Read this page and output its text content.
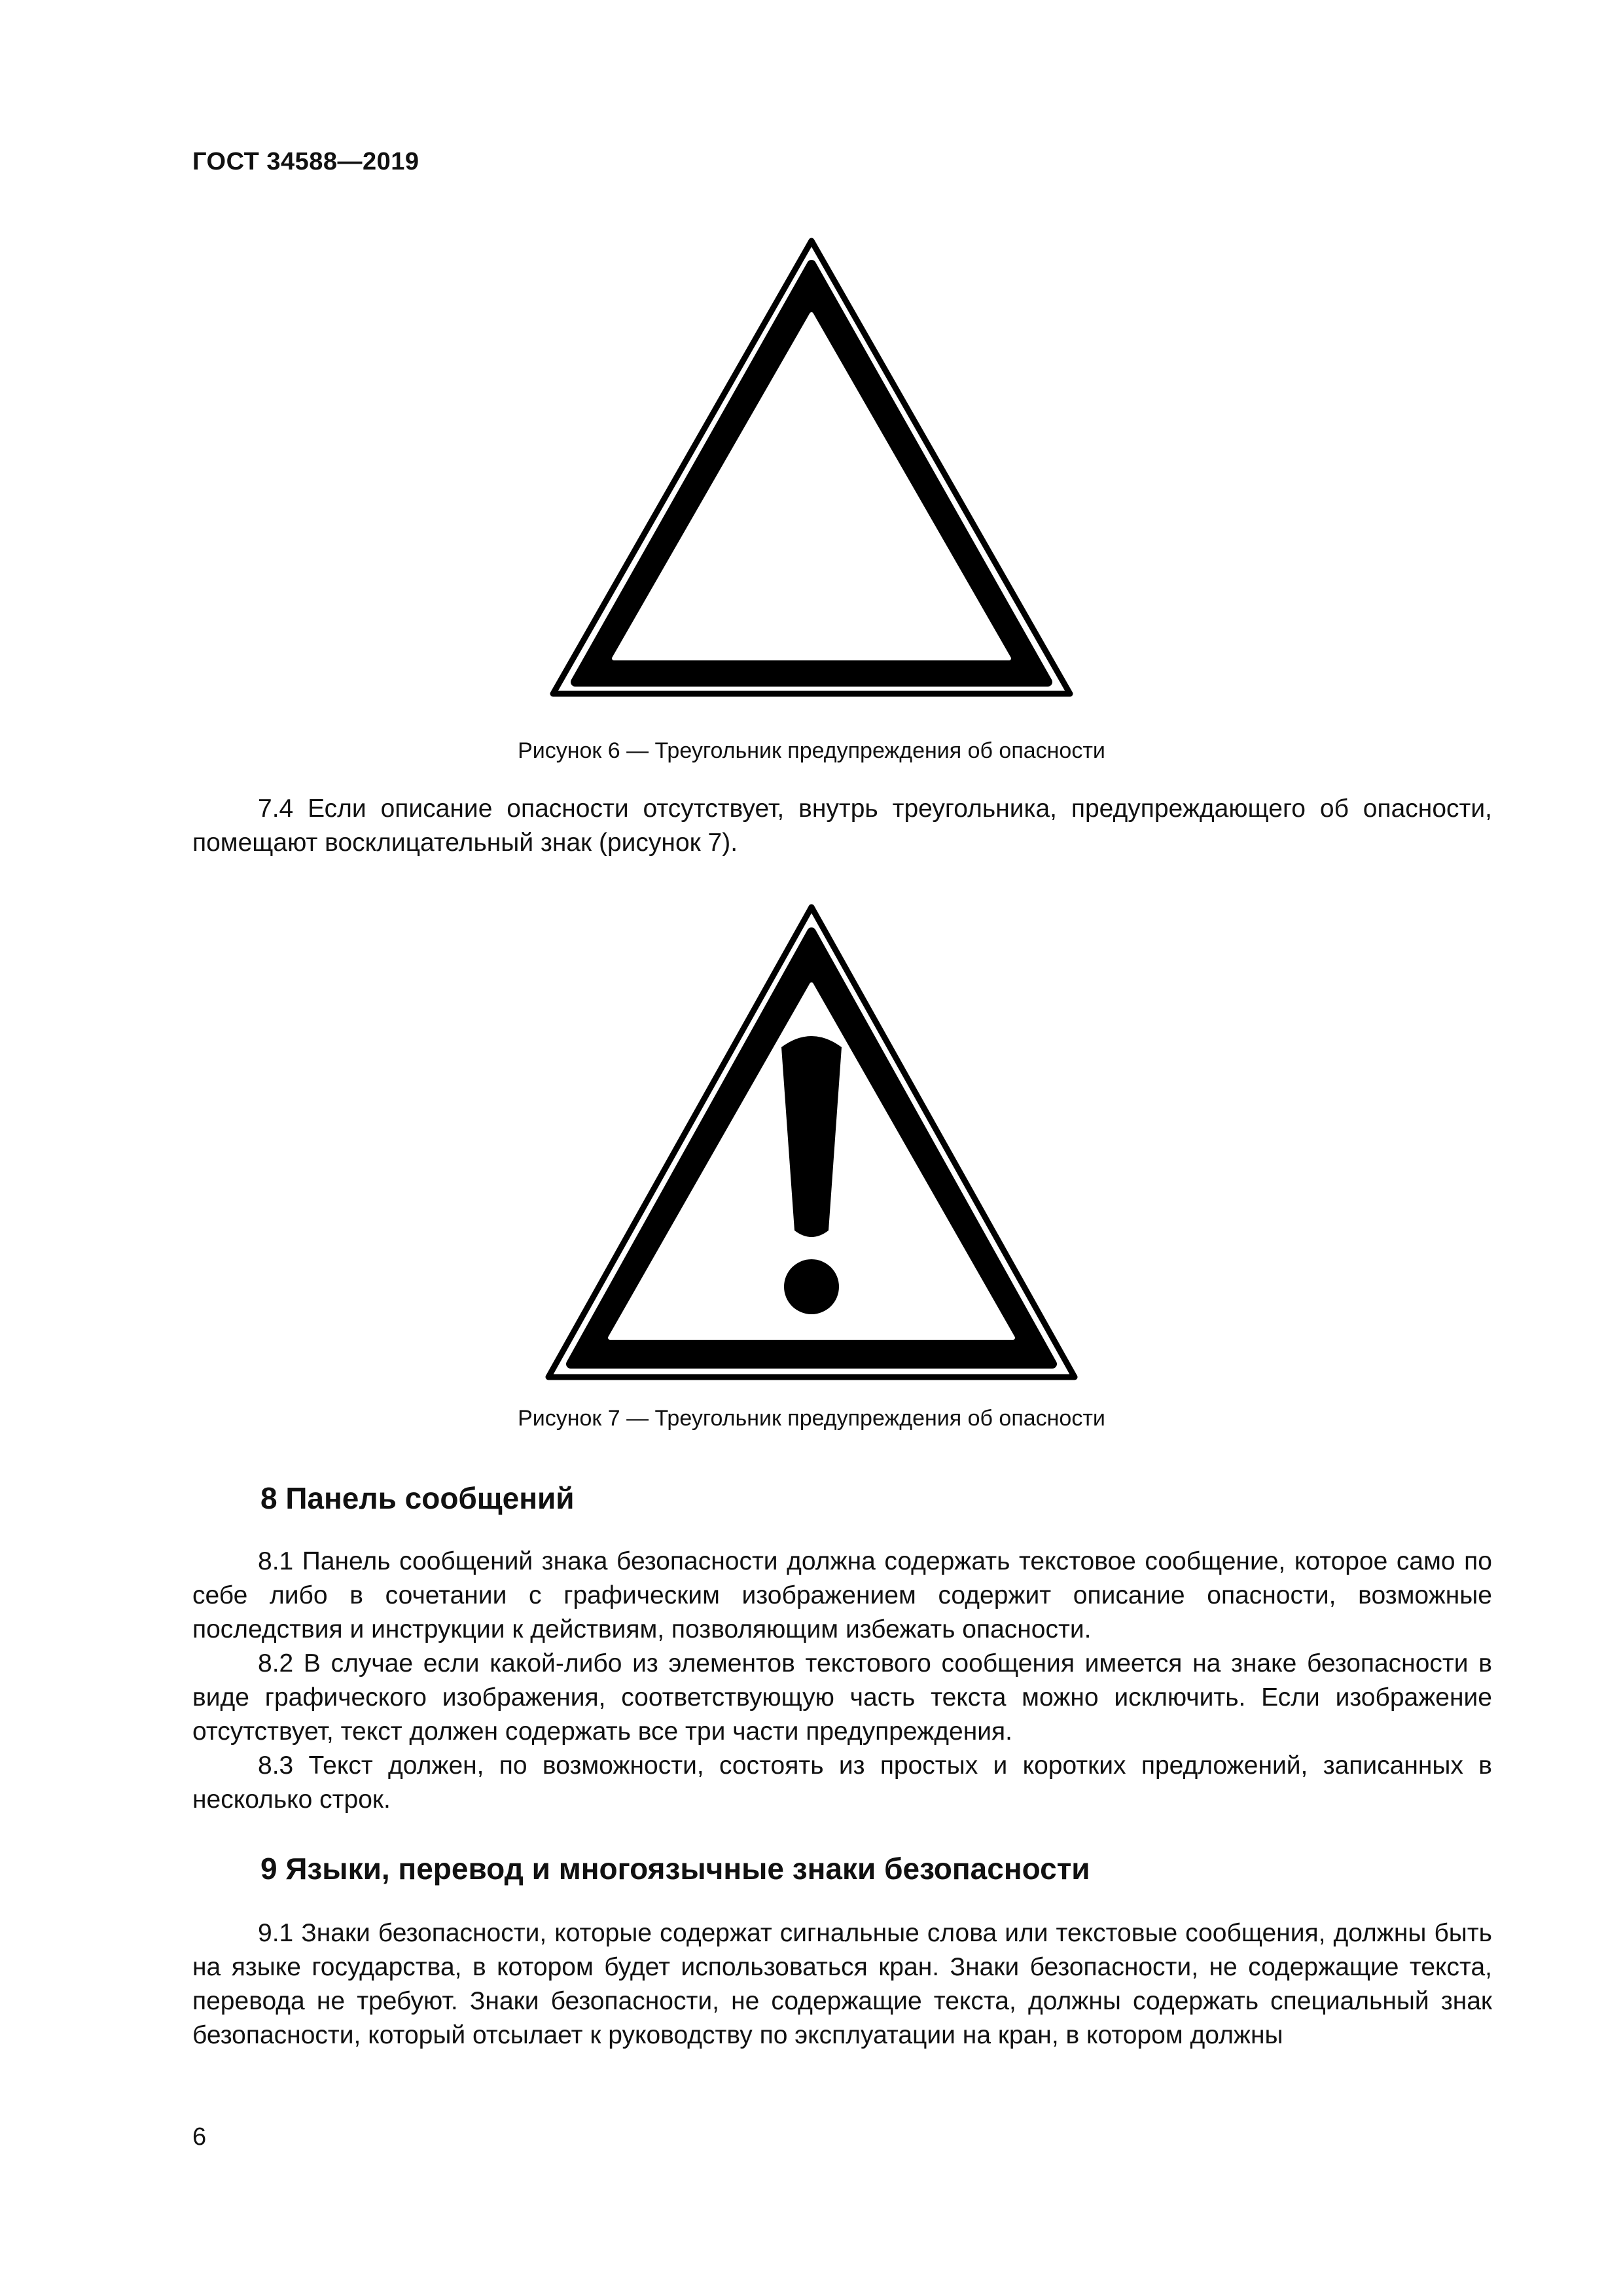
ГОСТ 34588—2019
Рисунок 6 — Треугольник предупреждения об опасности

7.4 Если описание опасности отсутствует, внутрь треугольника, предупреждающего об опасности, помещают восклицательный знак (рисунок 7).

Рисунок 7 — Треугольник предупреждения об опасности
8 Панель сообщений

8.1 Панель сообщений знака безопасности должна содержать текстовое сообщение, которое само по себе либо в сочетании с графическим изображением содержит описание опасности, возможные последствия и инструкции к действиям, позволяющим избежать опасности.

8.2 В случае если какой-либо из элементов текстового сообщения имеется на знаке безопасности в виде графического изображения, соответствующую часть текста можно исключить. Если изображение отсутствует, текст должен содержать все три части предупреждения.

8.3 Текст должен, по возможности, состоять из простых и коротких предложений, записанных в несколько строк.

9 Языки, перевод и многоязычные знаки безопасности

9.1 Знаки безопасности, которые содержат сигнальные слова или текстовые сообщения, должны быть на языке государства, в котором будет использоваться кран. Знаки безопасности, не содержащие текста, перевода не требуют. Знаки безопасности, не содержащие текста, должны содержать специальный знак безопасности, который отсылает к руководству по эксплуатации на кран, в котором должны

6
